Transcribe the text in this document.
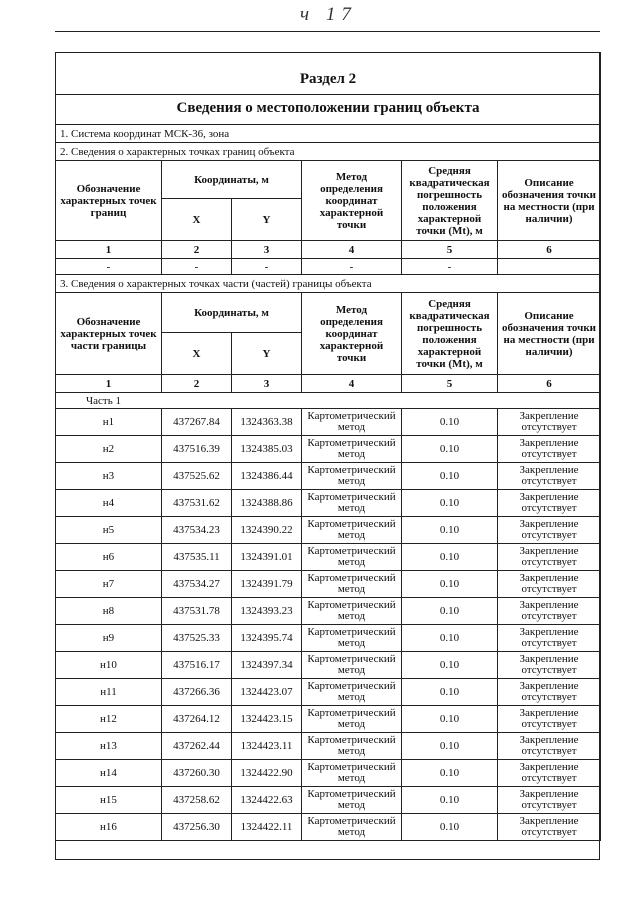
ч 17
Раздел 2					
Сведения о местоположении границ объекта					
1. Система координат МСК-36, зона					
2. Сведения о характерных точках границ объекта					
Обозначение характерных точек границ	Координаты, м		Метод определения координат характерной точки	Средняя квадратическая погрешность положения характерной точки (Mt), м	Описание обозначения точки на местности (при наличии)
	X	Y			
1	2	3	4	5	6
-	-	-	-	-	
3. Сведения о характерных точках части (частей) границы объекта					
Обозначение характерных точек части границы	Координаты, м		Метод определения координат характерной точки	Средняя квадратическая погрешность положения характерной точки (Mt), м	Описание обозначения точки на местности (при наличии)
	X	Y			
1	2	3	4	5	6
Часть 1					
н1	437267.84	1324363.38	Картометрический метод	0.10	Закрепление отсутствует
н2	437516.39	1324385.03	Картометрический метод	0.10	Закрепление отсутствует
н3	437525.62	1324386.44	Картометрический метод	0.10	Закрепление отсутствует
н4	437531.62	1324388.86	Картометрический метод	0.10	Закрепление отсутствует
н5	437534.23	1324390.22	Картометрический метод	0.10	Закрепление отсутствует
н6	437535.11	1324391.01	Картометрический метод	0.10	Закрепление отсутствует
н7	437534.27	1324391.79	Картометрический метод	0.10	Закрепление отсутствует
н8	437531.78	1324393.23	Картометрический метод	0.10	Закрепление отсутствует
н9	437525.33	1324395.74	Картометрический метод	0.10	Закрепление отсутствует
н10	437516.17	1324397.34	Картометрический метод	0.10	Закрепление отсутствует
н11	437266.36	1324423.07	Картометрический метод	0.10	Закрепление отсутствует
н12	437264.12	1324423.15	Картометрический метод	0.10	Закрепление отсутствует
н13	437262.44	1324423.11	Картометрический метод	0.10	Закрепление отсутствует
н14	437260.30	1324422.90	Картометрический метод	0.10	Закрепление отсутствует
н15	437258.62	1324422.63	Картометрический метод	0.10	Закрепление отсутствует
н16	437256.30	1324422.11	Картометрический метод	0.10	Закрепление отсутствует
